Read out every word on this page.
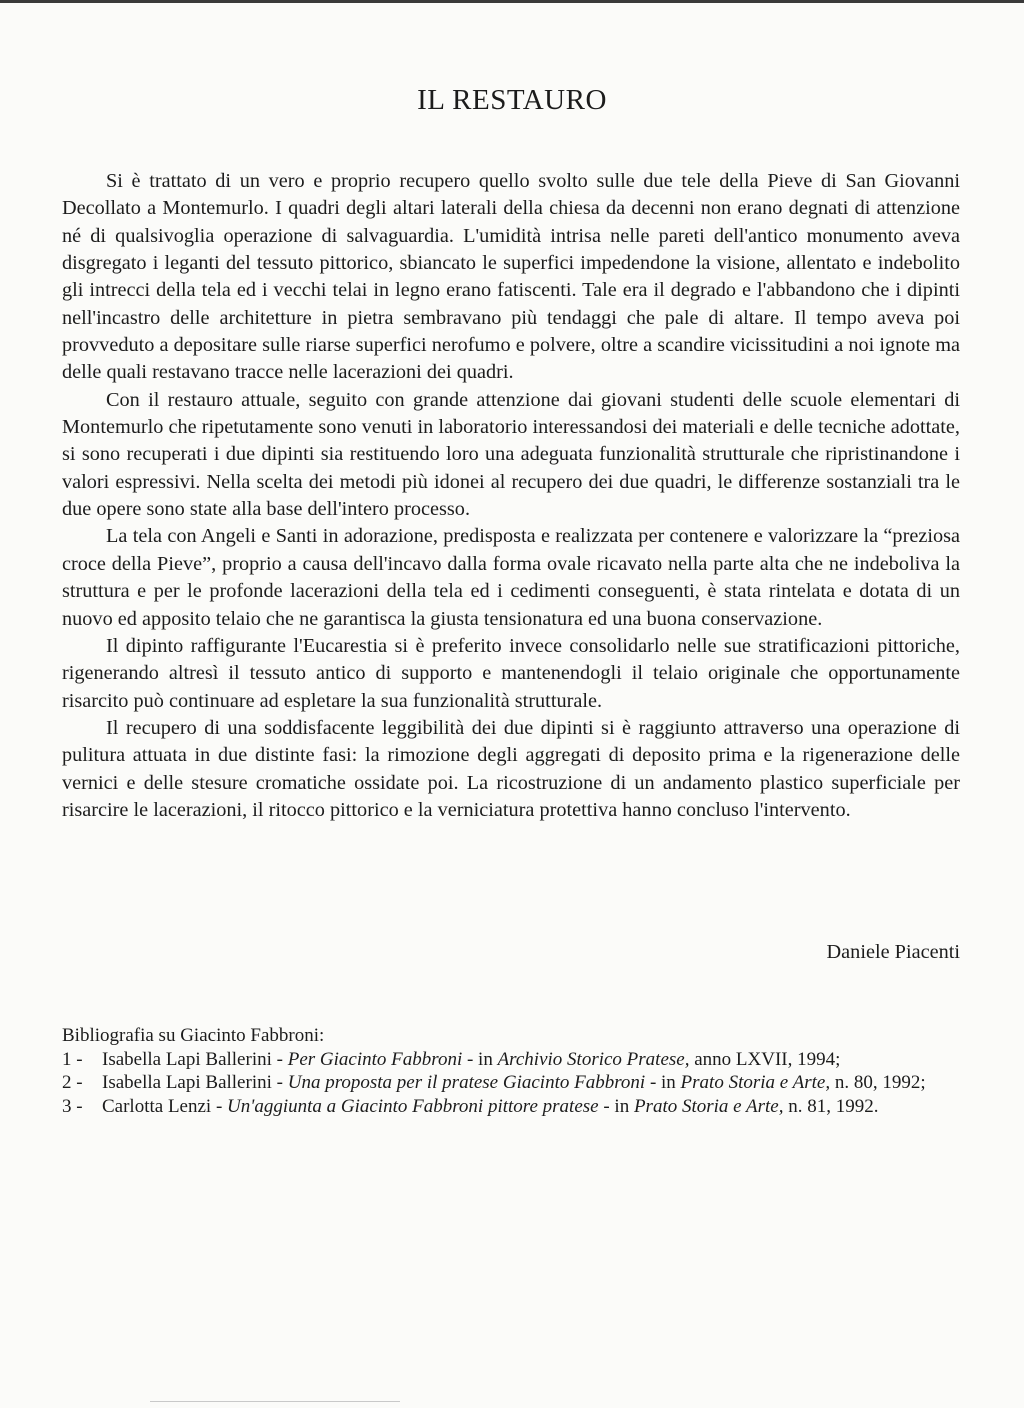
IL RESTAURO

Si è trattato di un vero e proprio recupero quello svolto sulle due tele della Pieve di San Giovanni Decollato a Montemurlo. I quadri degli altari laterali della chiesa da decenni non erano degnati di attenzione né di qualsivoglia operazione di salvaguardia. L'umidità intrisa nelle pareti dell'antico monumento aveva disgregato i leganti del tessuto pittorico, sbiancato le superfici impedendone la visione, allentato e indebolito gli intrecci della tela ed i vecchi telai in legno erano fatiscenti. Tale era il degrado e l'abbandono che i dipinti nell'incastro delle architetture in pietra sembravano più tendaggi che pale di altare. Il tempo aveva poi provveduto a depositare sulle riarse superfici nerofumo e polvere, oltre a scandire vicissitudini a noi ignote ma delle quali restavano tracce nelle lacerazioni dei quadri.

Con il restauro attuale, seguito con grande attenzione dai giovani studenti delle scuole elementari di Montemurlo che ripetutamente sono venuti in laboratorio interessandosi dei materiali e delle tecniche adottate, si sono recuperati i due dipinti sia restituendo loro una adeguata funzionalità strutturale che ripristinandone i valori espressivi. Nella scelta dei metodi più idonei al recupero dei due quadri, le differenze sostanziali tra le due opere sono state alla base dell'intero processo.

La tela con Angeli e Santi in adorazione, predisposta e realizzata per contenere e valorizzare la “preziosa croce della Pieve”, proprio a causa dell'incavo dalla forma ovale ricavato nella parte alta che ne indeboliva la struttura e per le profonde lacerazioni della tela ed i cedimenti conseguenti, è stata rintelata e dotata di un nuovo ed apposito telaio che ne garantisca la giusta tensionatura ed una buona conservazione.

Il dipinto raffigurante l'Eucarestia si è preferito invece consolidarlo nelle sue stratificazioni pittoriche, rigenerando altresì il tessuto antico di supporto e mantenendogli il telaio originale che opportunamente risarcito può continuare ad espletare la sua funzionalità strutturale.

Il recupero di una soddisfacente leggibilità dei due dipinti si è raggiunto attraverso una operazione di pulitura attuata in due distinte fasi: la rimozione degli aggregati di deposito prima e la rigenerazione delle vernici e delle stesure cromatiche ossidate poi. La ricostruzione di un andamento plastico superficiale per risarcire le lacerazioni, il ritocco pittorico e la verniciatura protettiva hanno concluso l'intervento.

Daniele Piacenti

Bibliografia su Giacinto Fabbroni:

1 -	Isabella Lapi Ballerini - Per Giacinto Fabbroni - in Archivio Storico Pratese, anno LXVII, 1994;
2 -	Isabella Lapi Ballerini - Una proposta per il pratese Giacinto Fabbroni - in Prato Storia e Arte, n. 80, 1992;
3 -	Carlotta Lenzi - Un'aggiunta a Giacinto Fabbroni pittore pratese - in Prato Storia e Arte, n. 81, 1992.
